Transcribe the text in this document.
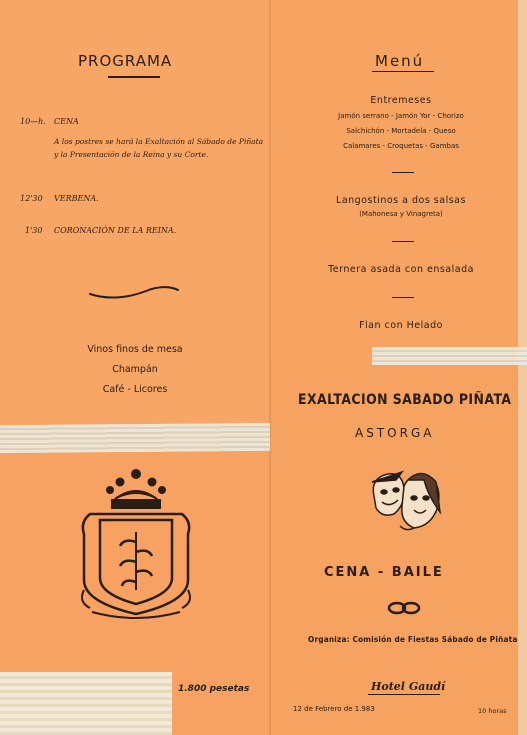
PROGRAMA
10—h. CENA
A los postres se hará la Exaltación al Sábado de Piñata y la Presentación de la Reina y su Corte.
12'30 VERBENA.
1'30 CORONACIÓN DE LA REINA.
Vinos finos de mesa
Champán
Café - Licores
Menú
Entremeses
Jamón serrano - Jamón Yor - Chorizo
Salchichón - Mortadela - Queso
Calamares - Croquetas - Gambas
Langostinos a dos salsas
(Mahonesa y Vinagreta)
Ternera asada con ensalada
Flan con Helado
1.800 pesetas
EXALTACION SABADO PIÑATA
ASTORGA
CENA - BAILE
Organiza: Comisión de Fiestas Sábado de Piñata
Hotel Gaudí
12 de Febrero de 1.983	10 horas
